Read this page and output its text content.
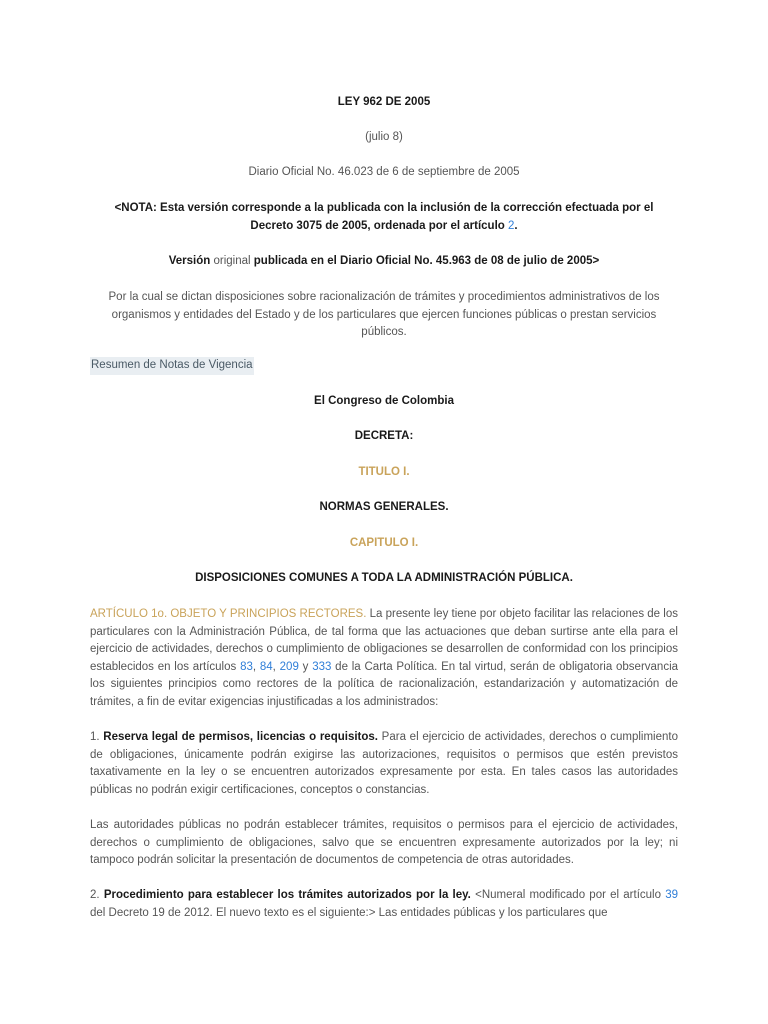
LEY 962 DE 2005

(julio 8)

Diario Oficial No. 46.023 de 6 de septiembre de 2005

<NOTA: Esta versión corresponde a la publicada con la inclusión de la corrección efectuada por el
Decreto 3075 de 2005, ordenada por el artículo 2.

Versión original publicada en el Diario Oficial No. 45.963 de 08 de julio de 2005>

Por la cual se dictan disposiciones sobre racionalización de trámites y procedimientos administrativos de los organismos y entidades del Estado y de los particulares que ejercen funciones públicas o prestan servicios públicos.

Resumen de Notas de Vigencia

El Congreso de Colombia

DECRETA:

TITULO I.

NORMAS GENERALES.

CAPITULO I.

DISPOSICIONES COMUNES A TODA LA ADMINISTRACIÓN PÚBLICA.

ARTÍCULO 1o. OBJETO Y PRINCIPIOS RECTORES. La presente ley tiene por objeto facilitar las relaciones de los particulares con la Administración Pública, de tal forma que las actuaciones que deban surtirse ante ella para el ejercicio de actividades, derechos o cumplimiento de obligaciones se desarrollen de conformidad con los principios establecidos en los artículos 83, 84, 209 y 333 de la Carta Política. En tal virtud, serán de obligatoria observancia los siguientes principios como rectores de la política de racionalización, estandarización y automatización de trámites, a fin de evitar exigencias injustificadas a los administrados:

1. Reserva legal de permisos, licencias o requisitos. Para el ejercicio de actividades, derechos o cumplimiento de obligaciones, únicamente podrán exigirse las autorizaciones, requisitos o permisos que estén previstos taxativamente en la ley o se encuentren autorizados expresamente por esta. En tales casos las autoridades públicas no podrán exigir certificaciones, conceptos o constancias.

Las autoridades públicas no podrán establecer trámites, requisitos o permisos para el ejercicio de actividades, derechos o cumplimiento de obligaciones, salvo que se encuentren expresamente autorizados por la ley; ni tampoco podrán solicitar la presentación de documentos de competencia de otras autoridades.

2. Procedimiento para establecer los trámites autorizados por la ley. <Numeral modificado por el artículo 39 del Decreto 19 de 2012. El nuevo texto es el siguiente:> Las entidades públicas y los particulares que
